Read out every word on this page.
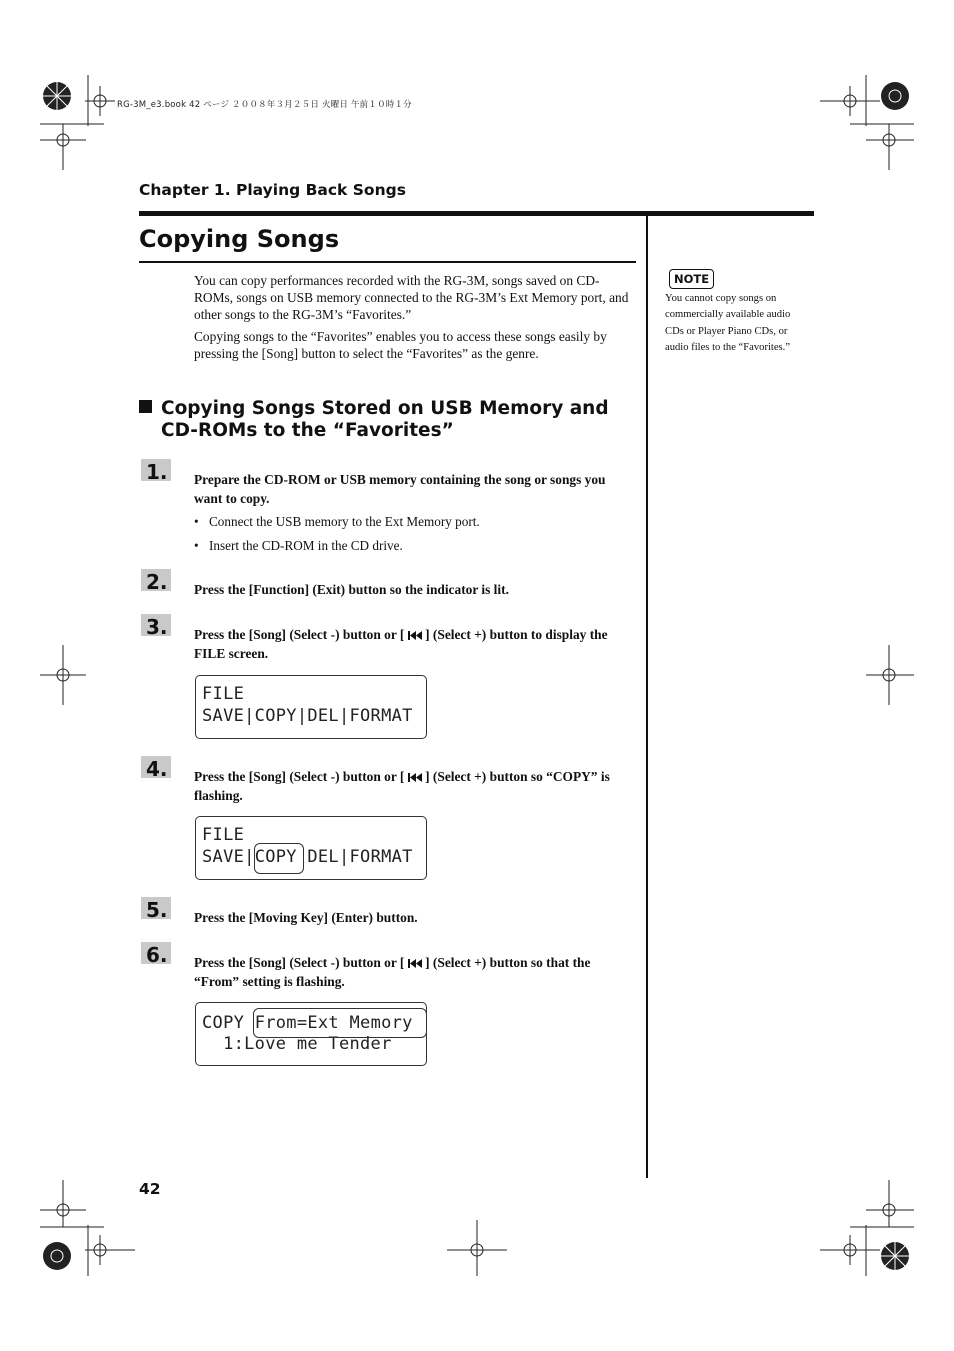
RG-3M_e3.book 42 ページ ２００８年３月２５日 火曜日 午前１０時１分
Chapter 1. Playing Back Songs
Copying Songs

You can copy performances recorded with the RG-3M, songs saved on CD-ROMs, songs on USB memory connected to the RG-3M’s Ext Memory port, and other songs to the RG-3M’s “Favorites.”

Copying songs to the “Favorites” enables you to access these songs easily by pressing the [Song] button to select the “Favorites” as the genre.

Copying Songs Stored on USB Memory and
CD-ROMs to the “Favorites”
1. Prepare the CD-ROM or USB memory containing the song or songs you want to copy.
• Connect the USB memory to the Ext Memory port.
• Insert the CD-ROM in the CD drive.
2. Press the [Function] (Exit) button so the indicator is lit.
3. Press the [Song] (Select -) button or [ ] (Select +) button to display the FILE screen.
FILE
SAVE|COPY|DEL|FORMAT
4. Press the [Song] (Select -) button or [ ] (Select +) button so “COPY” is flashing.
FILE
SAVE|COPY DEL|FORMAT
5. Press the [Moving Key] (Enter) button.
6. Press the [Song] (Select -) button or [ ] (Select +) button so that the “From” setting is flashing.
COPY From=Ext Memory
1:Love me Tender
NOTE
You cannot copy songs on commercially available audio CDs or Player Piano CDs, or audio files to the “Favorites.”
42
